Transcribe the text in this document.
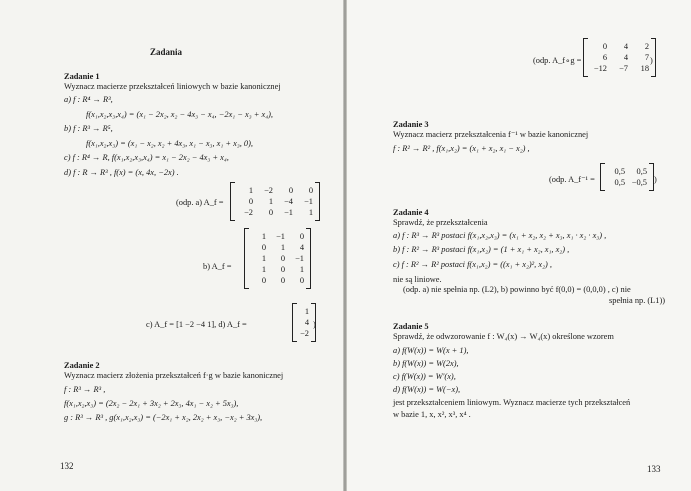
Zadania
Zadanie 1
Wyznacz macierze przekształceń liniowych w bazie kanonicznej
a) f : R⁴ → R³,
f(x₁,x₂,x₃,x₄) = (x₁ − 2x₂, x₂ − 4x₃ − x₄, −2x₁ − x₃ + x₄),
b) f : R³ → R⁵,
f(x₁,x₂,x₃) = (x₁ − x₂, x₂ + 4x₃, x₁ − x₃, x₁ + x₃, 0),
c) f : R⁴ → R, f(x₁,x₂,x₃,x₄) = x₁ − 2x₂ − 4x₃ + x₄,
d) f : R → R³ , f(x) = (x, 4x, −2x) .
(odp. a) A_f =
1	−2	0	0
0	1	−4	−1
−2	0	−1	1
b) A_f =
1	−1	0
0	1	4
1	0	−1
1	0	1
0	0	0
c) A_f = [1 −2 −4 1], d) A_f =
1
4
−2
)
Zadanie 2
Wyznacz macierz złożenia przekształceń f·g w bazie kanonicznej
f : R³ → R³ ,
f(x₁,x₂,x₃) = (2x₂ − 2x₁ + 3x₂ + 2x₃, 4x₁ − x₂ + 5x₃),
g : R³ → R³ , g(x₁,x₂,x₃) = (−2x₁ + x₂, 2x₂ + x₃, −x₂ + 3x₃),
132
(odp. A_f∘g =
0	4	2
6	4	7
−12	−7	18
)
Zadanie 3
Wyznacz macierz przekształcenia f⁻¹ w bazie kanonicznej
f : R² → R² , f(x₁,x₂) = (x₁ + x₂, x₁ − x₂) ,
(odp. A_f⁻¹ =
0,5	0,5
0,5 −0,5 )
Zadanie 4
Sprawdź, że przekształcenia
a) f : R³ → R³ postaci f(x₁,x₂,x₃) = (x₁ + x₂, x₂ + x₃, x₁ · x₂ · x₃) ,
b) f : R² → R³ postaci f(x₁,x₂) = (1 + x₁ + x₂, x₁, x₂) ,
c) f : R² → R² postaci f(x₁,x₂) = ((x₁ + x₂)², x₂) ,
nie są liniowe.
(odp. a) nie spełnia np. (L2), b) powinno być f(0,0) = (0,0,0) , c) nie
spełnia np. (L1))
Zadanie 5
Sprawdź, że odwzorowanie f : W₄(x) → W₄(x) określone wzorem
a) f(W(x)) = W(x + 1),
b) f(W(x)) = W(2x),
c) f(W(x)) = W′(x),
d) f(W(x)) = W(−x),
jest przekształceniem liniowym. Wyznacz macierze tych przekształceń
w bazie 1, x, x², x³, x⁴ .
133
